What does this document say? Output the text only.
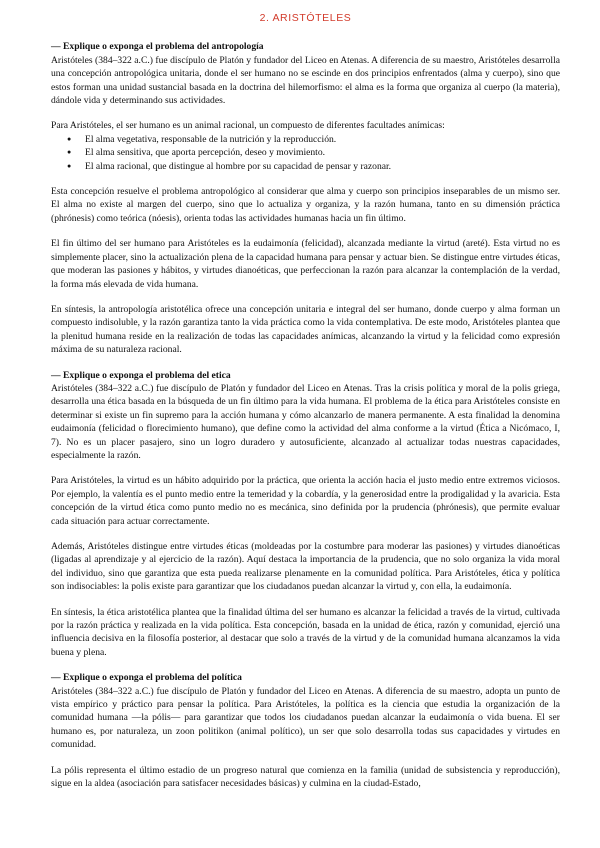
2. ARISTÓTELES
— Explique o exponga el problema del antropología

Aristóteles (384–322 a.C.) fue discípulo de Platón y fundador del Liceo en Atenas. A diferencia de su maestro, Aristóteles desarrolla una concepción antropológica unitaria, donde el ser humano no se escinde en dos principios enfrentados (alma y cuerpo), sino que estos forman una unidad sustancial basada en la doctrina del hilemorfismo: el alma es la forma que organiza al cuerpo (la materia), dándole vida y determinando sus actividades.

Para Aristóteles, el ser humano es un animal racional, un compuesto de diferentes facultades anímicas:

● El alma vegetativa, responsable de la nutrición y la reproducción.
● El alma sensitiva, que aporta percepción, deseo y movimiento.
● El alma racional, que distingue al hombre por su capacidad de pensar y razonar.

Esta concepción resuelve el problema antropológico al considerar que alma y cuerpo son principios inseparables de un mismo ser. El alma no existe al margen del cuerpo, sino que lo actualiza y organiza, y la razón humana, tanto en su dimensión práctica (phrónesis) como teórica (nóesis), orienta todas las actividades humanas hacia un fin último.

El fin último del ser humano para Aristóteles es la eudaimonía (felicidad), alcanzada mediante la virtud (areté). Esta virtud no es simplemente placer, sino la actualización plena de la capacidad humana para pensar y actuar bien. Se distingue entre virtudes éticas, que moderan las pasiones y hábitos, y virtudes dianoéticas, que perfeccionan la razón para alcanzar la contemplación de la verdad, la forma más elevada de vida humana.

En síntesis, la antropología aristotélica ofrece una concepción unitaria e integral del ser humano, donde cuerpo y alma forman un compuesto indisoluble, y la razón garantiza tanto la vida práctica como la vida contemplativa. De este modo, Aristóteles plantea que la plenitud humana reside en la realización de todas las capacidades anímicas, alcanzando la virtud y la felicidad como expresión máxima de su naturaleza racional.

— Explique o exponga el problema del etica

Aristóteles (384–322 a.C.) fue discípulo de Platón y fundador del Liceo en Atenas. Tras la crisis política y moral de la polis griega, desarrolla una ética basada en la búsqueda de un fin último para la vida humana. El problema de la ética para Aristóteles consiste en determinar si existe un fin supremo para la acción humana y cómo alcanzarlo de manera permanente. A esta finalidad la denomina eudaimonía (felicidad o florecimiento humano), que define como la actividad del alma conforme a la virtud (Ética a Nicómaco, I, 7). No es un placer pasajero, sino un logro duradero y autosuficiente, alcanzado al actualizar todas nuestras capacidades, especialmente la razón.

Para Aristóteles, la virtud es un hábito adquirido por la práctica, que orienta la acción hacia el justo medio entre extremos viciosos. Por ejemplo, la valentía es el punto medio entre la temeridad y la cobardía, y la generosidad entre la prodigalidad y la avaricia. Esta concepción de la virtud ética como punto medio no es mecánica, sino definida por la prudencia (phrónesis), que permite evaluar cada situación para actuar correctamente.

Además, Aristóteles distingue entre virtudes éticas (moldeadas por la costumbre para moderar las pasiones) y virtudes dianoéticas (ligadas al aprendizaje y al ejercicio de la razón). Aquí destaca la importancia de la prudencia, que no solo organiza la vida moral del individuo, sino que garantiza que esta pueda realizarse plenamente en la comunidad política. Para Aristóteles, ética y política son indisociables: la polis existe para garantizar que los ciudadanos puedan alcanzar la virtud y, con ella, la eudaimonía.

En síntesis, la ética aristotélica plantea que la finalidad última del ser humano es alcanzar la felicidad a través de la virtud, cultivada por la razón práctica y realizada en la vida política. Esta concepción, basada en la unidad de ética, razón y comunidad, ejerció una influencia decisiva en la filosofía posterior, al destacar que solo a través de la virtud y de la comunidad humana alcanzamos la vida buena y plena.

— Explique o exponga el problema del política

Aristóteles (384–322 a.C.) fue discípulo de Platón y fundador del Liceo en Atenas. A diferencia de su maestro, adopta un punto de vista empírico y práctico para pensar la política. Para Aristóteles, la política es la ciencia que estudia la organización de la comunidad humana —la pólis— para garantizar que todos los ciudadanos puedan alcanzar la eudaimonía o vida buena. El ser humano es, por naturaleza, un zoon politikon (animal político), un ser que solo desarrolla todas sus capacidades y virtudes en comunidad.

La pólis representa el último estadio de un progreso natural que comienza en la familia (unidad de subsistencia y reproducción), sigue en la aldea (asociación para satisfacer necesidades básicas) y culmina en la ciudad-Estado,
